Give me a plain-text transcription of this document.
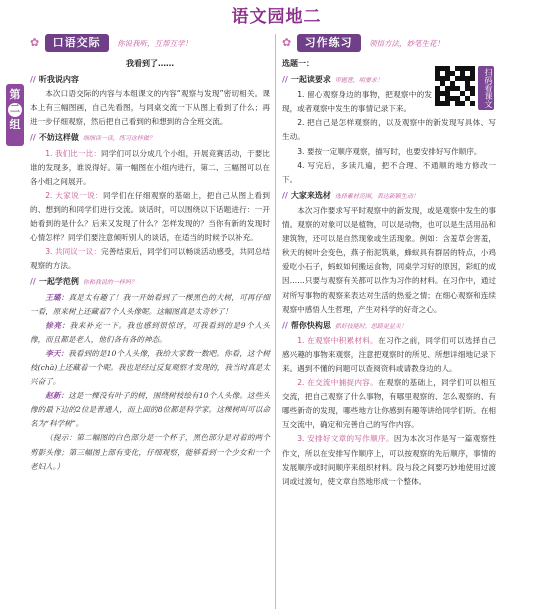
语文园地二
第
二
组
✿ 口语交际 你说我听，互帮互学！
我看到了……
// 听我说内容

本次口语交际的内容与本组课文的内容“观察与发现”密切相关。课本上有三幅图画，自己先看图，与同桌交流一下从图上看到了什么；再进一步仔细观察，然后把自己看到的和想到的合全班交流。

// 不妨这样做 细细读一读，练习这样做？

1. 我们比一比：同学们可以分成几个小组，开展竞赛活动，于要比谁的发现多，谁说得好。第一幅图在小组内进行，第二、三幅图可以在各小组之间展开。

2. 大家说一说：同学们在仔细观察的基础上，把自己从图上看到的、想到的和同学们进行交流。谈话时，可以围绕以下话题进行：一开始看到的是什么？后来又发现了什么？怎样发现的？当你有新的发现时心情怎样？同学们要注意倾听别人的谈话，在适当的时候予以补充。

3. 共同议一议：完善结束后，同学们可以畅谈活动感受，共同总结观察的方法。

// 一起学范例 你和我说的一样吗？

王璐：真是太有趣了！我一开始看到了一棵黑色的大树，可再仔细一看，原来树上还藏着7个人头像呢。这幅图真是太奇妙了！

徐亮：我来补充一下。我也感到很惊讶，可我看到的是9个人头像，而且都是老人，他们各有各的神态。

李天：我看到的是10个人头像，我给大家数一数吧。你看，这个树枝(chà)上还藏着一个呢。我也是经过反复观察才发现的，我当时真是太兴奋了。

赵新：这是一棵没有叶子的树，围绕树枝绘有10个人头像。这些头像的最下边的2位是普通人，而上面的8位都是科学家。这棵树叫可以命名为“科学树”。

（提示：第二幅图的白色部分是一个杯子，黑色部分是对着的两个剪影头像；第三幅图上部有变化，仔细观察，能够看到一个少女和一个老妇人。）

✿ 习作练习 领悟方法，妙笔生花！
选题一：
// 一起读要求 审题意，明要求！

1. 留心观察身边的事物，把观察中的发现，或者观察中发生的事情记录下来。

2. 把自己是怎样观察的，以及观察中的新发现写具体、写生动。

3. 要按一定顺序观察，描写时，也要安排好写作顺序。

4. 写完后，多读几遍，把不合理、不通顺的地方修改一下。

// 大家来选材 选择素材范围，表达新颖生动！

本次习作要求写平时观察中的新发现，或是观察中发生的事情。观察的对象可以是植物，可以是动物，也可以是生活用品和建筑物，还可以是自然现象或生活现象。例如：含羞草会害羞，秋天的树叶会变色，燕子衔泥筑巢，蜂蚁具有群居的特点，小鸡爱吃小石子，蚂蚁如何搬运食物，同桌学习好的原因，彩虹的成因……只要与观察有关都可以作为习作的材料。在习作中，通过对所写事物的观察来表达对生活的热爱之情；在细心观察和连续观察中感悟人生哲理，产生对科学的好奇之心。

// 帮你快构思 抓好技能时，思路更显关！

1. 在观察中积累材料。在习作之前，同学们可以选择自己感兴趣的事物来观察，注意把观察时的所见、所想详细地记录下来。遇到不懂的问题可以查阅资料或请教身边的人。

2. 在交流中捕捉内容。在观察的基础上，同学们可以相互交流，把自己观察了什么事物，有哪里观察的、怎么观察的、有哪些新奇的发现，哪些地方让你感到有趣等讲给同学们听。在相互交流中，确定和完善自己的写作内容。

3. 安排好文章的写作顺序。因为本次习作是写一篇观察性作文，所以在安排写作顺序上，可以按观察的先后顺序，事情的发展顺序或时间顺序来组织材料。段与段之间要巧妙地使用过渡词或过渡句，使文章自然地形成一个整体。

扫码看课文
